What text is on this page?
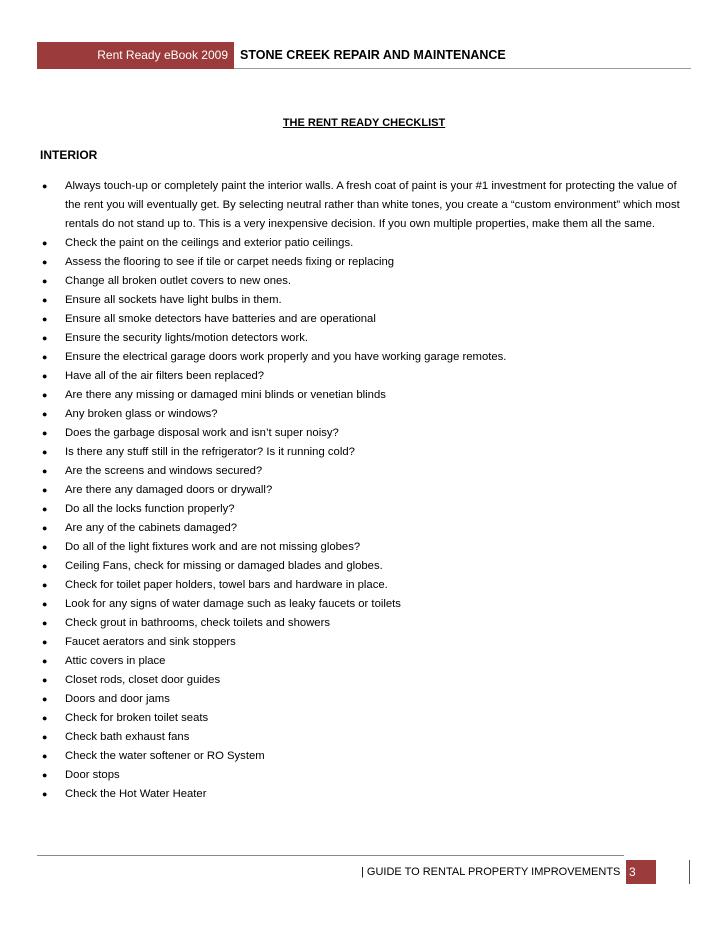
Rent Ready eBook 2009 STONE CREEK REPAIR AND MAINTENANCE
THE RENT READY CHECKLIST
INTERIOR
● Always touch-up or completely paint the interior walls. A fresh coat of paint is your #1 investment for protecting the value of the rent you will eventually get. By selecting neutral rather than white tones, you create a “custom environment” which most rentals do not stand up to. This is a very inexpensive decision. If you own multiple properties, make them all the same.
● Check the paint on the ceilings and exterior patio ceilings.
● Assess the flooring to see if tile or carpet needs fixing or replacing
● Change all broken outlet covers to new ones.
● Ensure all sockets have light bulbs in them.
● Ensure all smoke detectors have batteries and are operational
● Ensure the security lights/motion detectors work.
● Ensure the electrical garage doors work properly and you have working garage remotes.
● Have all of the air filters been replaced?
● Are there any missing or damaged mini blinds or venetian blinds
● Any broken glass or windows?
● Does the garbage disposal work and isn’t super noisy?
● Is there any stuff still in the refrigerator? Is it running cold?
● Are the screens and windows secured?
● Are there any damaged doors or drywall?
● Do all the locks function properly?
● Are any of the cabinets damaged?
● Do all of the light fixtures work and are not missing globes?
● Ceiling Fans, check for missing or damaged blades and globes.
● Check for toilet paper holders, towel bars and hardware in place.
● Look for any signs of water damage such as leaky faucets or toilets
● Check grout in bathrooms, check toilets and showers
● Faucet aerators and sink stoppers
● Attic covers in place
● Closet rods, closet door guides
● Doors and door jams
● Check for broken toilet seats
● Check bath exhaust fans
● Check the water softener or RO System
● Door stops
● Check the Hot Water Heater
| GUIDE TO RENTAL PROPERTY IMPROVEMENTS 3
